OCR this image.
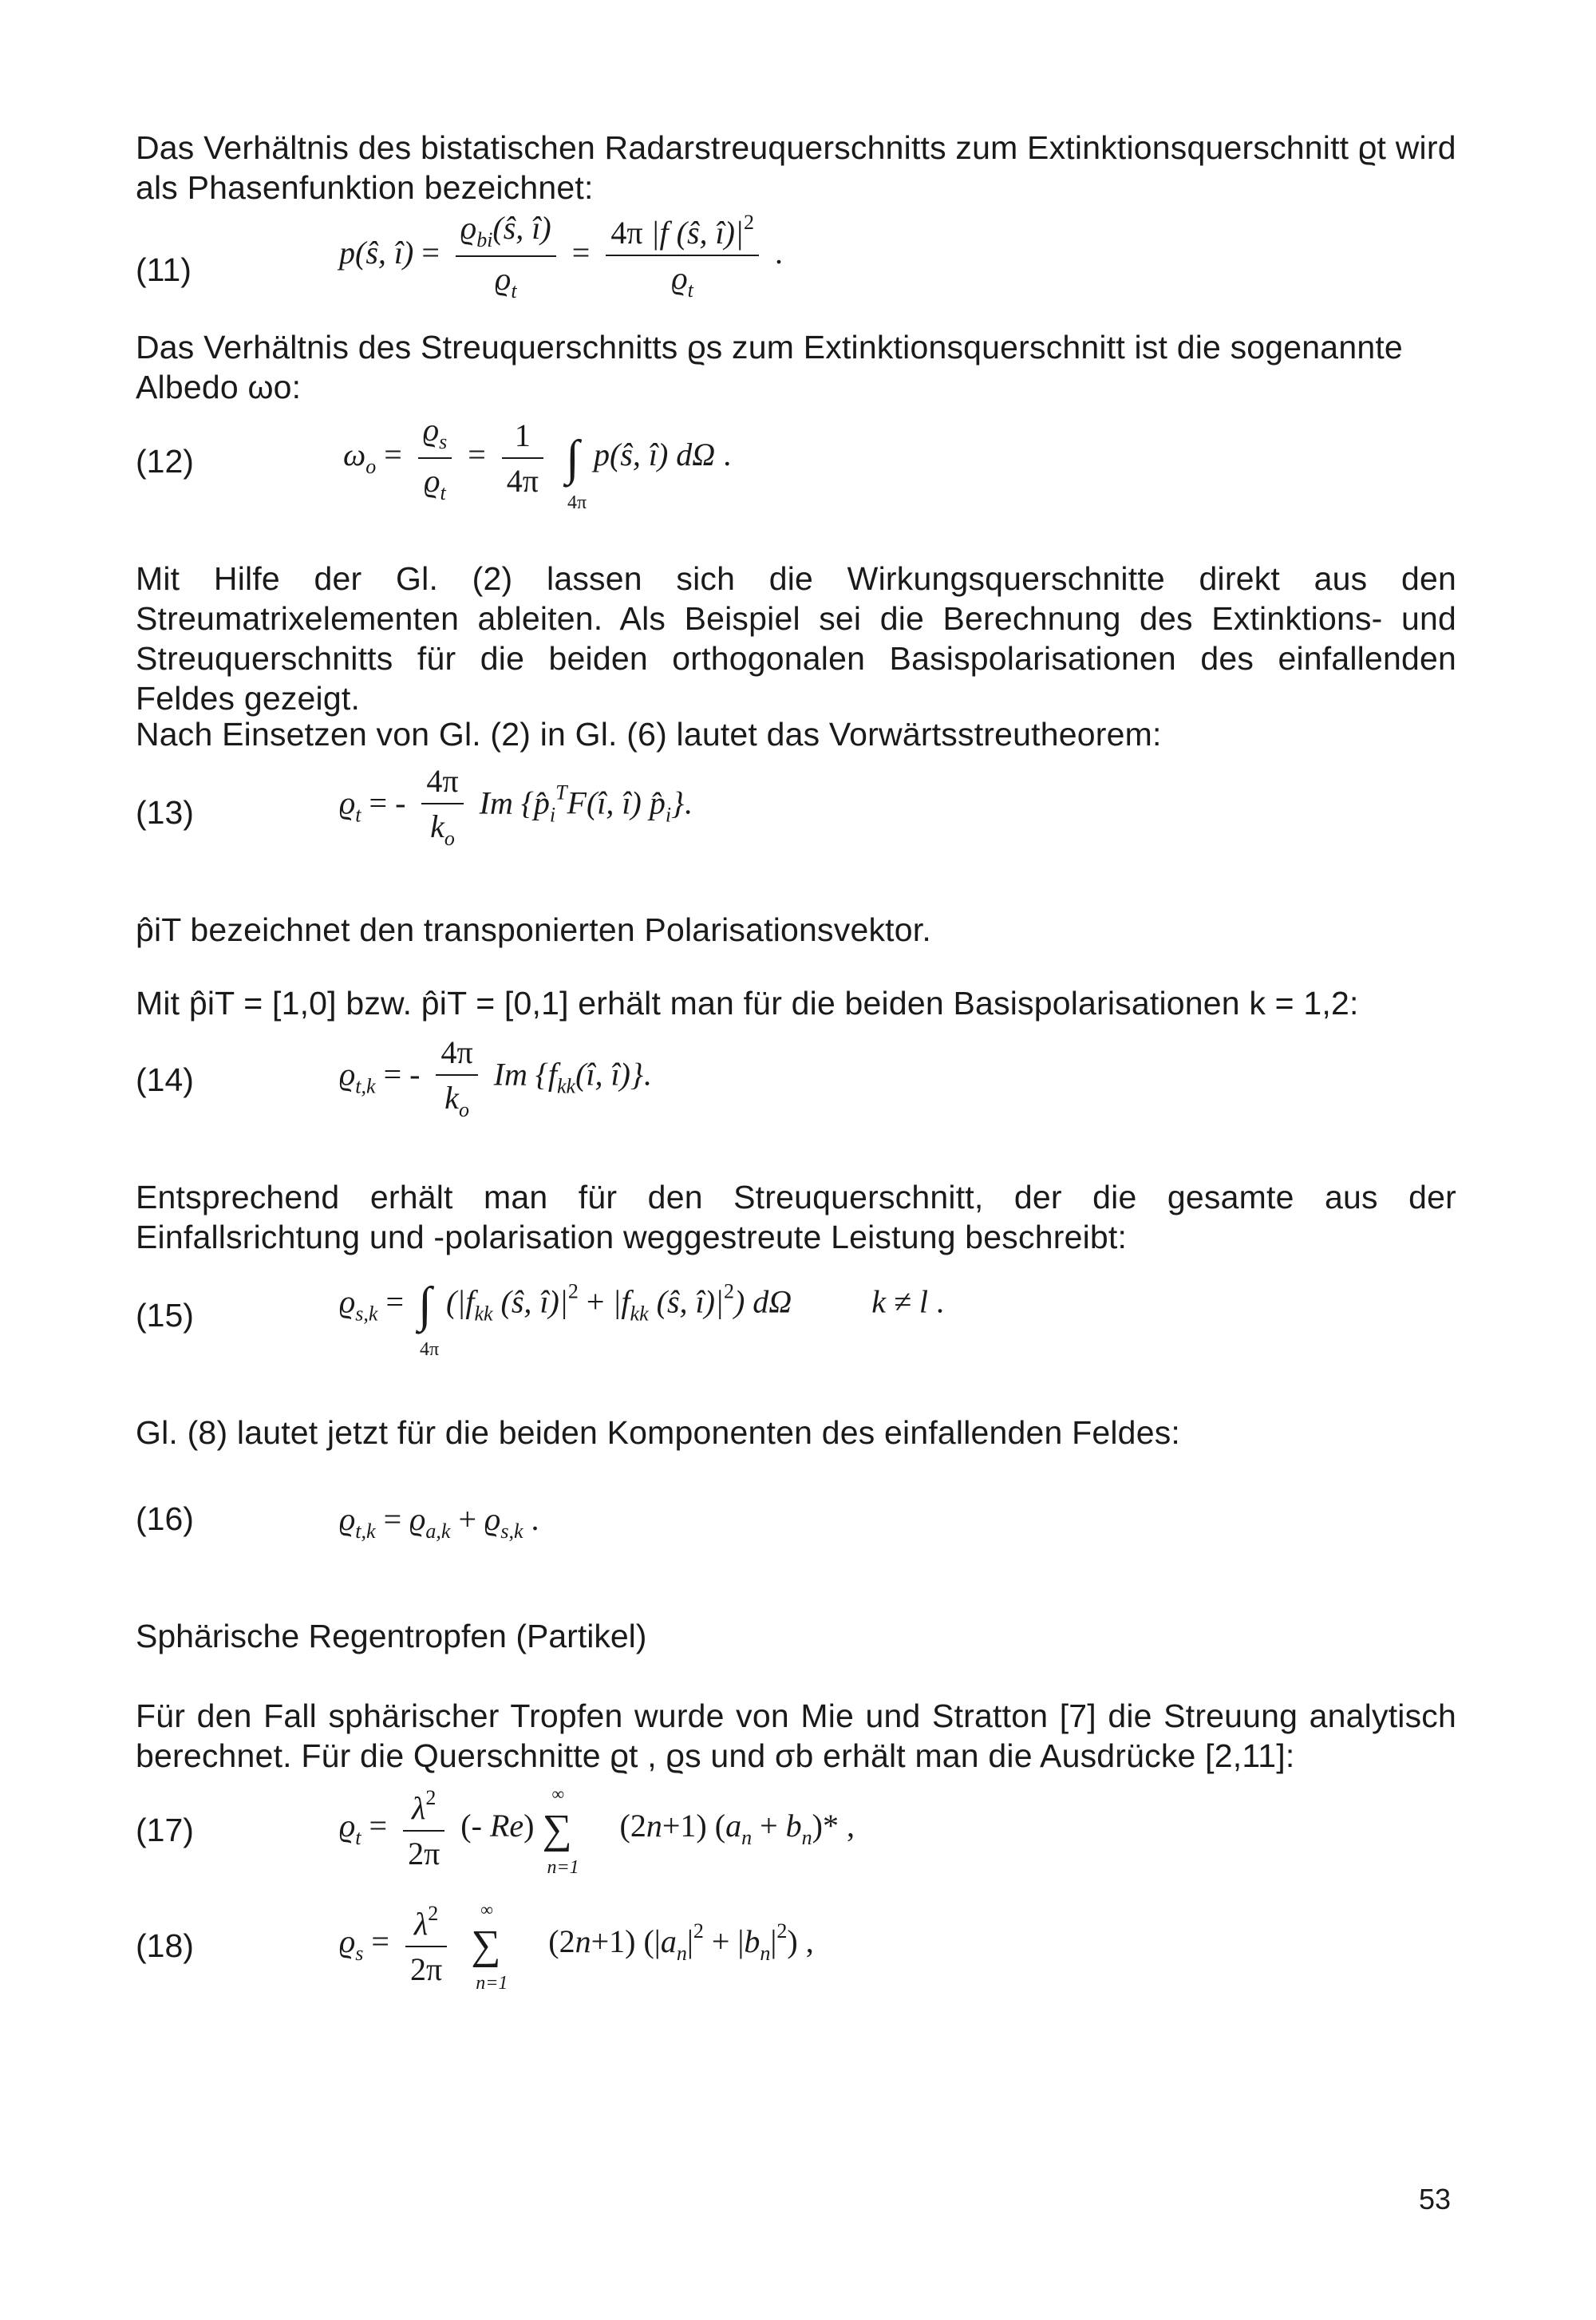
Das Verhältnis des bistatischen Radarstreuquerschnitts zum Extinktionsquerschnitt ϱt wird als Phasenfunktion bezeichnet:
(11)	p(ŝ, î) = $\frac{ϱ_{bi}(ŝ, î)}{ϱ_t} = \frac{4\pi |f (ŝ, î)|^2}{ϱ_t}$ .
Das Verhältnis des Streuquerschnitts ϱs zum Extinktionsquerschnitt ist die sogenannte Albedo ωo:
(12)	$\omega_o = \frac{ϱ_s}{ϱ_t} = \frac{1}{4\pi}$ ∫
4π
p(ŝ, î) dΩ .
Mit Hilfe der Gl. (2) lassen sich die Wirkungsquerschnitte direkt aus den Streumatrixelementen ableiten. Als Beispiel sei die Berechnung des Extinktions- und Streuquerschnitts für die beiden orthogonalen Basispolarisationen des einfallenden Feldes gezeigt.
Nach Einsetzen von Gl. (2) in Gl. (6) lautet das Vorwärtsstreutheorem:
(13)	$ϱ_t$ = - $\frac{4\pi}{k_o}$ Im {$p̂_i^TF(î$, î) $p̂_i$}.
p̂iT bezeichnet den transponierten Polarisationsvektor.
Mit p̂iT = [1,0] bzw. p̂iT = [0,1] erhält man für die beiden Basispolarisationen k = 1,2:
(14)	$ϱ_{t,k}$ = - $\frac{4\pi}{k_o}$ Im {$f_{kk}(î$, î)}.
Entsprechend erhält man für den Streuquerschnitt, der die gesamte aus der Einfallsrichtung und -polarisation weggestreute Leistung beschreibt:
(15)	$ϱ_{s,k}$ = ∫
4π
($|f_{kk}$ (ŝ, $î)|^2 + |f_{kk}$ (ŝ, $î)|^2$) dΩ  k ≠ l .
Gl. (8) lautet jetzt für die beiden Komponenten des einfallenden Feldes:
(16)	$ϱ_{t,k} = ϱ_{a,k} + ϱ_{s,k}$ .
Sphärische Regentropfen (Partikel)
Für den Fall sphärischer Tropfen wurde von Mie und Stratton [7] die Streuung analytisch berechnet. Für die Querschnitte ϱt , ϱs und σb erhält man die Ausdrücke [2,11]:
(17)	$ϱ_t = \frac{\lambda^2}{2\pi}$ (- Re) ∑
∞
n=1
(2n+1) $(a_n + b_n)*$ ,
(18)	$ϱ_s = \frac{\lambda^2}{2\pi}$ ∑
∞
n=1
(2n+1) $(|a_n|^2 + |b_n|^2)$ ,
53
